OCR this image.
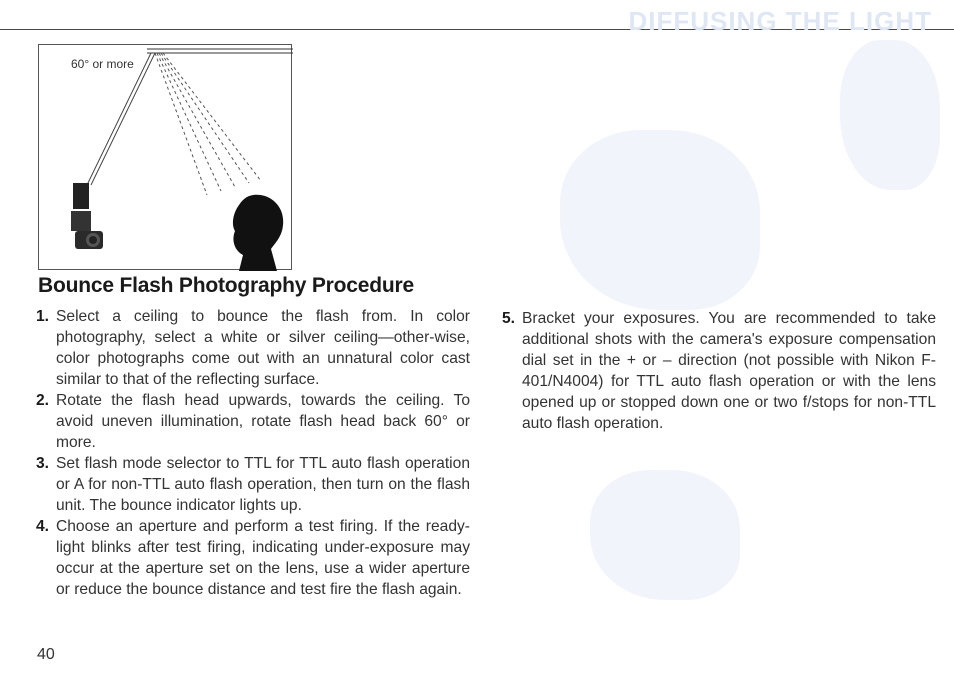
DIFFUSING THE LIGHT
60° or more
Bounce Flash Photography Procedure
1. Select a ceiling to bounce the flash from. In color photography, select a white or silver ceiling—other-wise, color photographs come out with an unnatural color cast similar to that of the reflecting surface.
2. Rotate the flash head upwards, towards the ceiling. To avoid uneven illumination, rotate flash head back 60° or more.
3. Set flash mode selector to TTL for TTL auto flash operation or A for non-TTL auto flash operation, then turn on the flash unit. The bounce indicator lights up.
4. Choose an aperture and perform a test firing. If the ready-light blinks after test firing, indicating under-exposure may occur at the aperture set on the lens, use a wider aperture or reduce the bounce distance and test fire the flash again.
5. Bracket your exposures. You are recommended to take additional shots with the camera's exposure compensation dial set in the + or – direction (not possible with Nikon F-401/N4004) for TTL auto flash operation or with the lens opened up or stopped down one or two f/stops for non-TTL auto flash operation.
40
